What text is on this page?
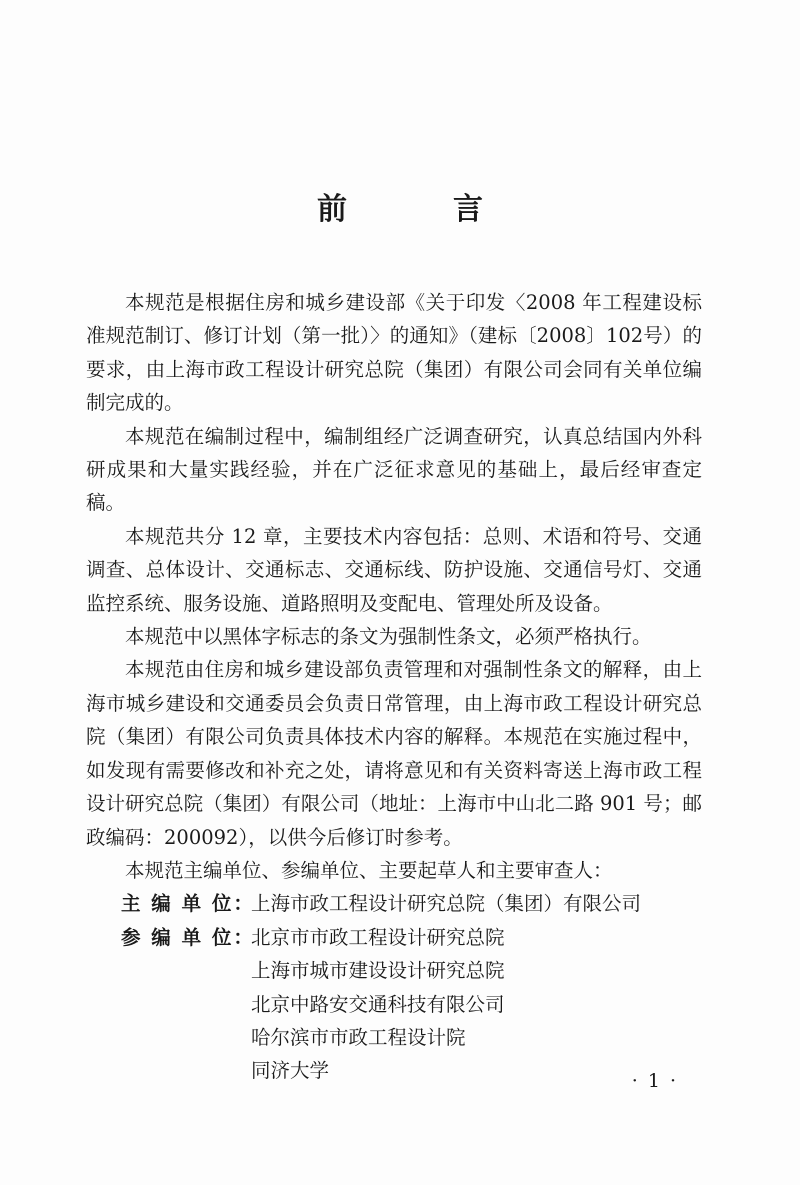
前　言

本规范是根据住房和城乡建设部《关于印发〈2008 年工程建设标准规范制订、修订计划（第一批）〉的通知》（建标〔2008〕102号）的要求，由上海市政工程设计研究总院（集团）有限公司会同有关单位编制完成的。

本规范在编制过程中，编制组经广泛调查研究，认真总结国内外科研成果和大量实践经验，并在广泛征求意见的基础上，最后经审查定稿。

本规范共分 12 章，主要技术内容包括：总则、术语和符号、交通调查、总体设计、交通标志、交通标线、防护设施、交通信号灯、交通监控系统、服务设施、道路照明及变配电、管理处所及设备。

本规范中以黑体字标志的条文为强制性条文，必须严格执行。

本规范由住房和城乡建设部负责管理和对强制性条文的解释，由上海市城乡建设和交通委员会负责日常管理，由上海市政工程设计研究总院（集团）有限公司负责具体技术内容的解释。本规范在实施过程中，如发现有需要修改和补充之处，请将意见和有关资料寄送上海市政工程设计研究总院（集团）有限公司（地址：上海市中山北二路 901 号；邮政编码：200092），以供今后修订时参考。

本规范主编单位、参编单位、主要起草人和主要审查人：

主 编 单 位：
上海市政工程设计研究总院（集团）有限公司
参 编 单 位：
北京市市政工程设计研究总院
上海市城市建设设计研究总院
北京中路安交通科技有限公司
哈尔滨市市政工程设计院
同济大学	· 1 ·
